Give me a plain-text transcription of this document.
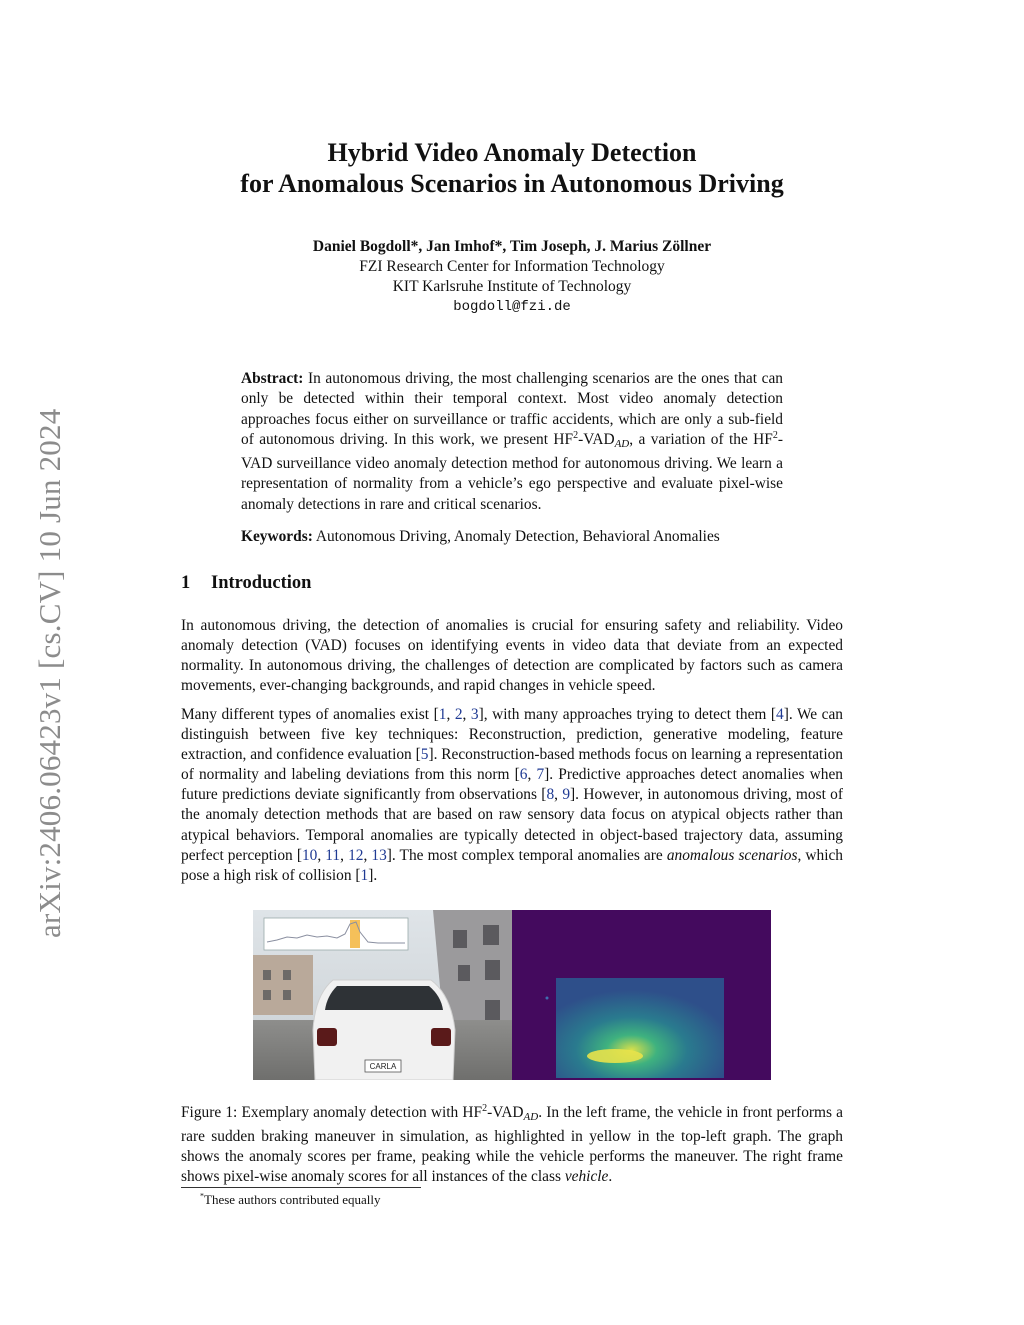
arXiv:2406.06423v1 [cs.CV] 10 Jun 2024
Hybrid Video Anomaly Detection
for Anomalous Scenarios in Autonomous Driving
Daniel Bogdoll*, Jan Imhof*, Tim Joseph, J. Marius Zöllner
FZI Research Center for Information Technology
KIT Karlsruhe Institute of Technology
bogdoll@fzi.de
Abstract: In autonomous driving, the most challenging scenarios are the ones that can only be detected within their temporal context. Most video anomaly detection approaches focus either on surveillance or traffic accidents, which are only a sub-field of autonomous driving. In this work, we present $HF^2-VAD_{AD}$, a variation of the $HF^2$-VAD surveillance video anomaly detection method for autonomous driving. We learn a representation of normality from a vehicle’s ego perspective and evaluate pixel-wise anomaly detections in rare and critical scenarios.
Keywords: Autonomous Driving, Anomaly Detection, Behavioral Anomalies
1 Introduction

In autonomous driving, the detection of anomalies is crucial for ensuring safety and reliability. Video anomaly detection (VAD) focuses on identifying events in video data that deviate from an expected normality. In autonomous driving, the challenges of detection are complicated by factors such as camera movements, ever-changing backgrounds, and rapid changes in vehicle speed.

Many different types of anomalies exist [1, 2, 3], with many approaches trying to detect them [4]. We can distinguish between five key techniques: Reconstruction, prediction, generative modeling, feature extraction, and confidence evaluation [5]. Reconstruction-based methods focus on learning a representation of normality and labeling deviations from this norm [6, 7]. Predictive approaches detect anomalies when future predictions deviate significantly from observations [8, 9]. However, in autonomous driving, most of the anomaly detection methods that are based on raw sensory data focus on atypical objects rather than atypical behaviors. Temporal anomalies are typically detected in object-based trajectory data, assuming perfect perception [10, 11, 12, 13]. The most complex temporal anomalies are anomalous scenarios, which pose a high risk of collision [1].

CARLA
Figure 1: Exemplary anomaly detection with $HF^2-VAD_{AD}$. In the left frame, the vehicle in front performs a rare sudden braking maneuver in simulation, as highlighted in yellow in the top-left graph. The graph shows the anomaly scores per frame, peaking while the vehicle performs the maneuver. The right frame shows pixel-wise anomaly scores for all instances of the class vehicle.
*These authors contributed equally
